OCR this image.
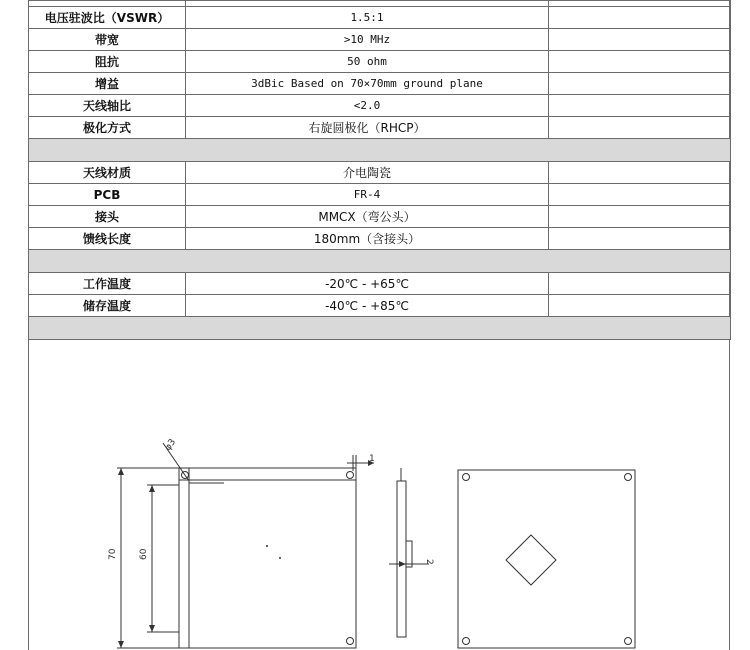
电压驻波比（VSWR）	1.5:1	
带宽	>10 MHz	
阻抗	50 ohm	
增益	3dBic Based on 70×70mm ground plane	
天线轴比	<2.0	
极化方式	右旋圆极化（RHCP）	

天线材质	介电陶瓷	
PCB	FR-4	
接头	MMCX（弯公头）	
馈线长度	180mm（含接头）	

工作温度	-20℃ - +65℃	
储存温度	-40℃ - +85℃	

φ3
1
70 60
2
